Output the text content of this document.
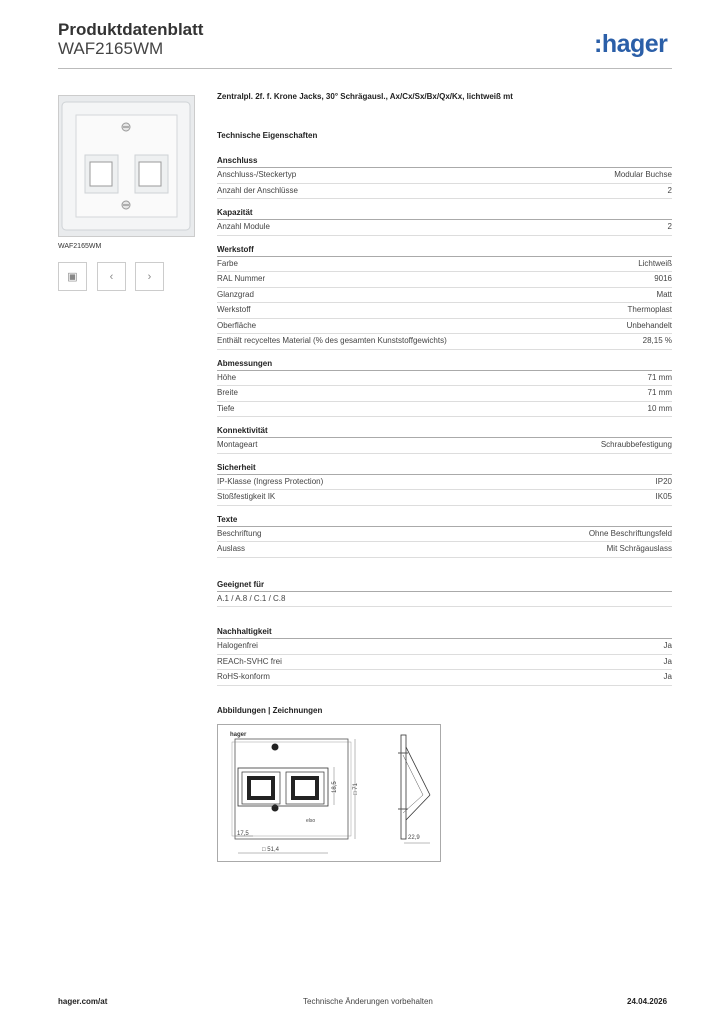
Produktdatenblatt
WAF2165WM	:hager
WAF2165WM
▣	‹	›
Zentralpl. 2f. f. Krone Jacks, 30° Schrägausl., Ax/Cx/Sx/Bx/Qx/Kx, lichtweiß mt
Technische Eigenschaften
Anschluss
Anschluss-/Steckertyp	Modular Buchse
Anzahl der Anschlüsse	2
Kapazität
Anzahl Module	2
Werkstoff
Farbe	Lichtweiß
RAL Nummer	9016
Glanzgrad	Matt
Werkstoff	Thermoplast
Oberfläche	Unbehandelt
Enthält recyceltes Material (% des gesamten Kunststoffgewichts)	28,15 %
Abmessungen
Höhe	71 mm
Breite	71 mm
Tiefe	10 mm
Konnektivität
Montageart	Schraubbefestigung
Sicherheit
IP-Klasse (Ingress Protection)	IP20
Stoßfestigkeit IK	IK05
Texte
Beschriftung	Ohne Beschriftungsfeld
Auslass	Mit Schrägauslass
Geeignet für
A.1 / A.8 / C.1 / C.8
Nachhaltigkeit
Halogenfrei	Ja
REACh-SVHC frei	Ja
RoHS-konform	Ja
Abbildungen | Zeichnungen
hager
elso
18,5	□ 71
17,5
□ 51,4
22,9
hager.com/at	Technische Änderungen vorbehalten	24.04.2026
